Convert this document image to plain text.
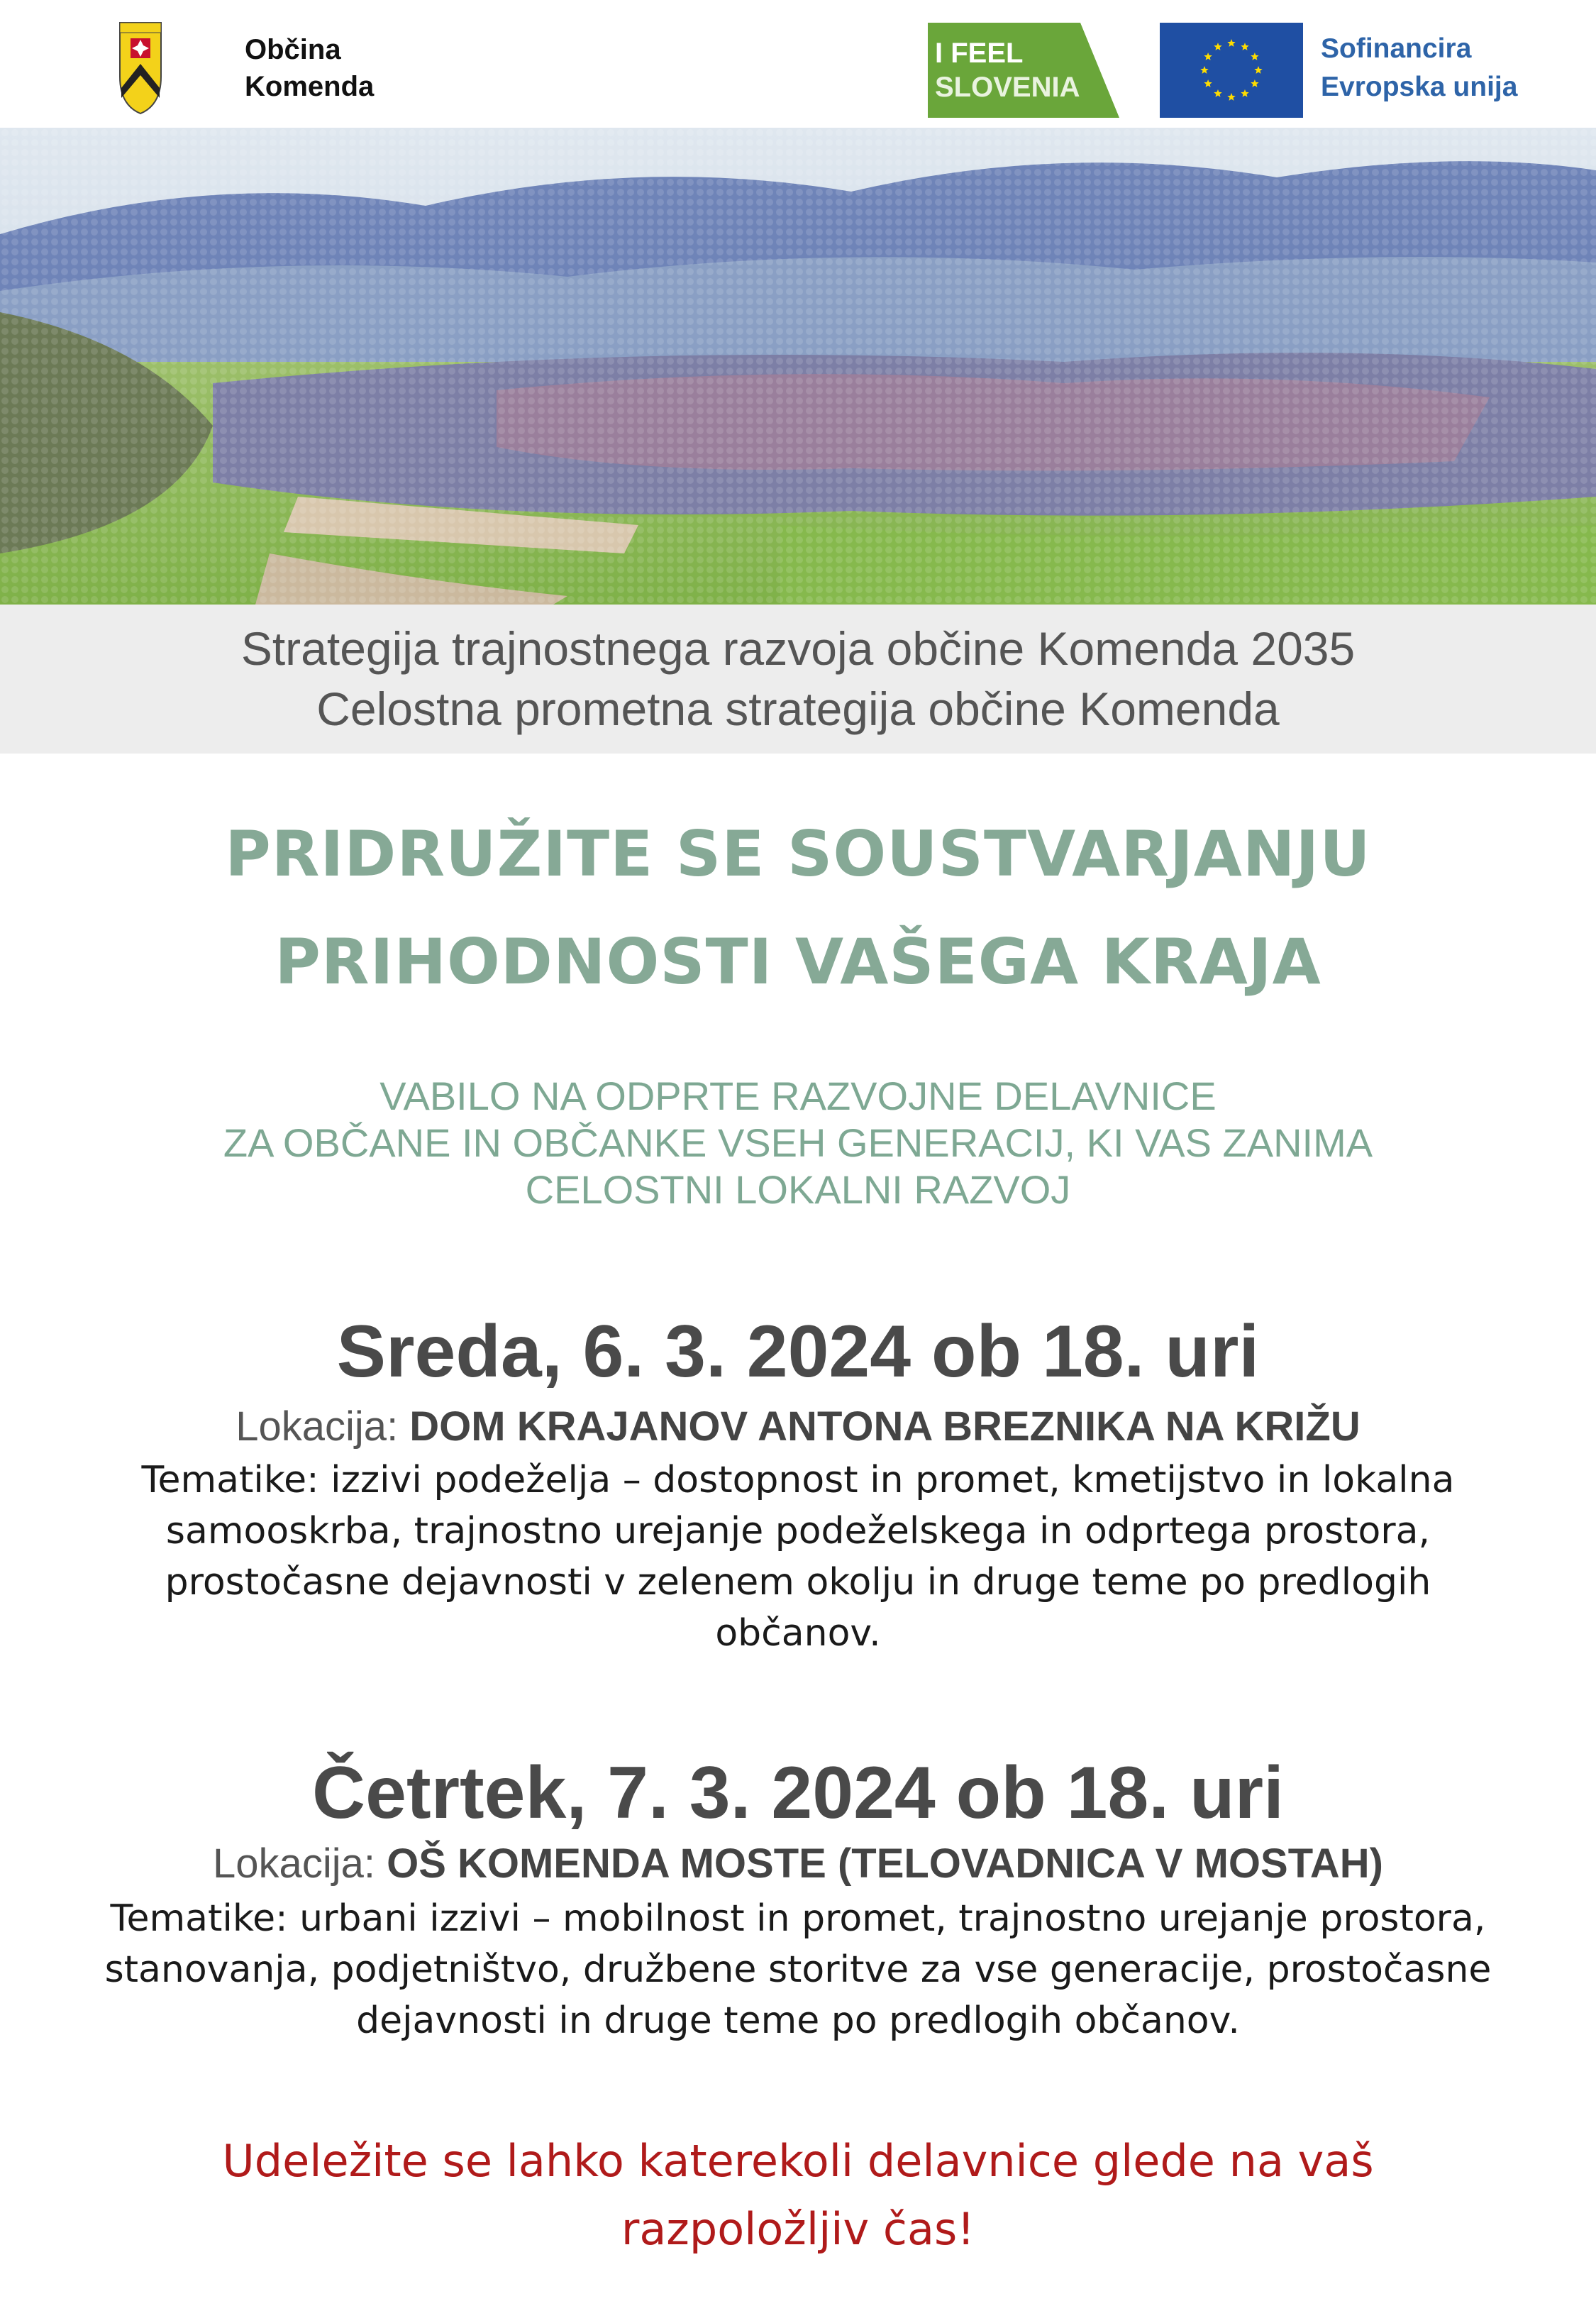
Občina
Komenda
I FEEL
SLOVENIA
Sofinancira
Evropska unija
Strategija trajnostnega razvoja občine Komenda 2035
Celostna prometna strategija občine Komenda
PRIDRUŽITE SE SOUSTVARJANJU
PRIHODNOSTI VAŠEGA KRAJA
VABILO NA ODPRTE RAZVOJNE DELAVNICE
ZA OBČANE IN OBČANKE VSEH GENERACIJ, KI VAS ZANIMA
CELOSTNI LOKALNI RAZVOJ
Sreda, 6. 3. 2024 ob 18. uri
Lokacija: DOM KRAJANOV ANTONA BREZNIKA NA KRIŽU
Tematike: izzivi podeželja – dostopnost in promet, kmetijstvo in lokalna
samooskrba, trajnostno urejanje podeželskega in odprtega prostora,
prostočasne dejavnosti v zelenem okolju in druge teme po predlogih
občanov.
Četrtek, 7. 3. 2024 ob 18. uri
Lokacija: OŠ KOMENDA MOSTE (TELOVADNICA V MOSTAH)
Tematike: urbani izzivi – mobilnost in promet, trajnostno urejanje prostora,
stanovanja, podjetništvo, družbene storitve za vse generacije, prostočasne
dejavnosti in druge teme po predlogih občanov.
Udeležite se lahko katerekoli delavnice glede na vaš
razpoložljiv čas!
